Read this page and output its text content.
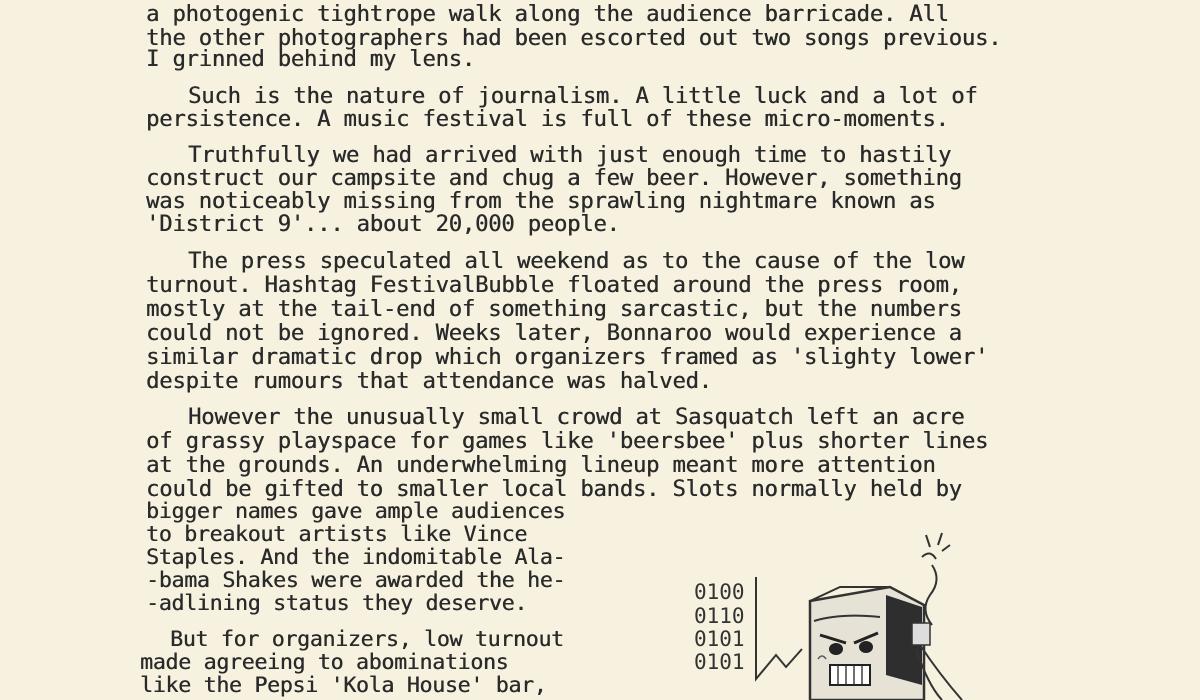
a photogenic tightrope walk along the audience barricade. All
the other photographers had been escorted out two songs previous.
I grinned behind my lens.
Such is the nature of journalism. A little luck and a lot of
persistence. A music festival is full of these micro-moments.
Truthfully we had arrived with just enough time to hastily
construct our campsite and chug a few beer. However, something
was noticeably missing from the sprawling nightmare known as
'District 9'... about 20,000 people.
The press speculated all weekend as to the cause of the low
turnout. Hashtag FestivalBubble floated around the press room,
mostly at the tail-end of something sarcastic, but the numbers
could not be ignored. Weeks later, Bonnaroo would experience a
similar dramatic drop which organizers framed as 'slighty lower'
despite rumours that attendance was halved.
However the unusually small crowd at Sasquatch left an acre
of grassy playspace for games like 'beersbee' plus shorter lines
at the grounds. An underwhelming lineup meant more attention
could be gifted to smaller local bands. Slots normally held by
bigger names gave ample audiences
to breakout artists like Vince
Staples. And the indomitable Ala-
-bama Shakes were awarded the he-
-adlining status they deserve.
But for organizers, low turnout
made agreeing to abominations
like the Pepsi 'Kola House' bar,
0100
0110
0101
0101
